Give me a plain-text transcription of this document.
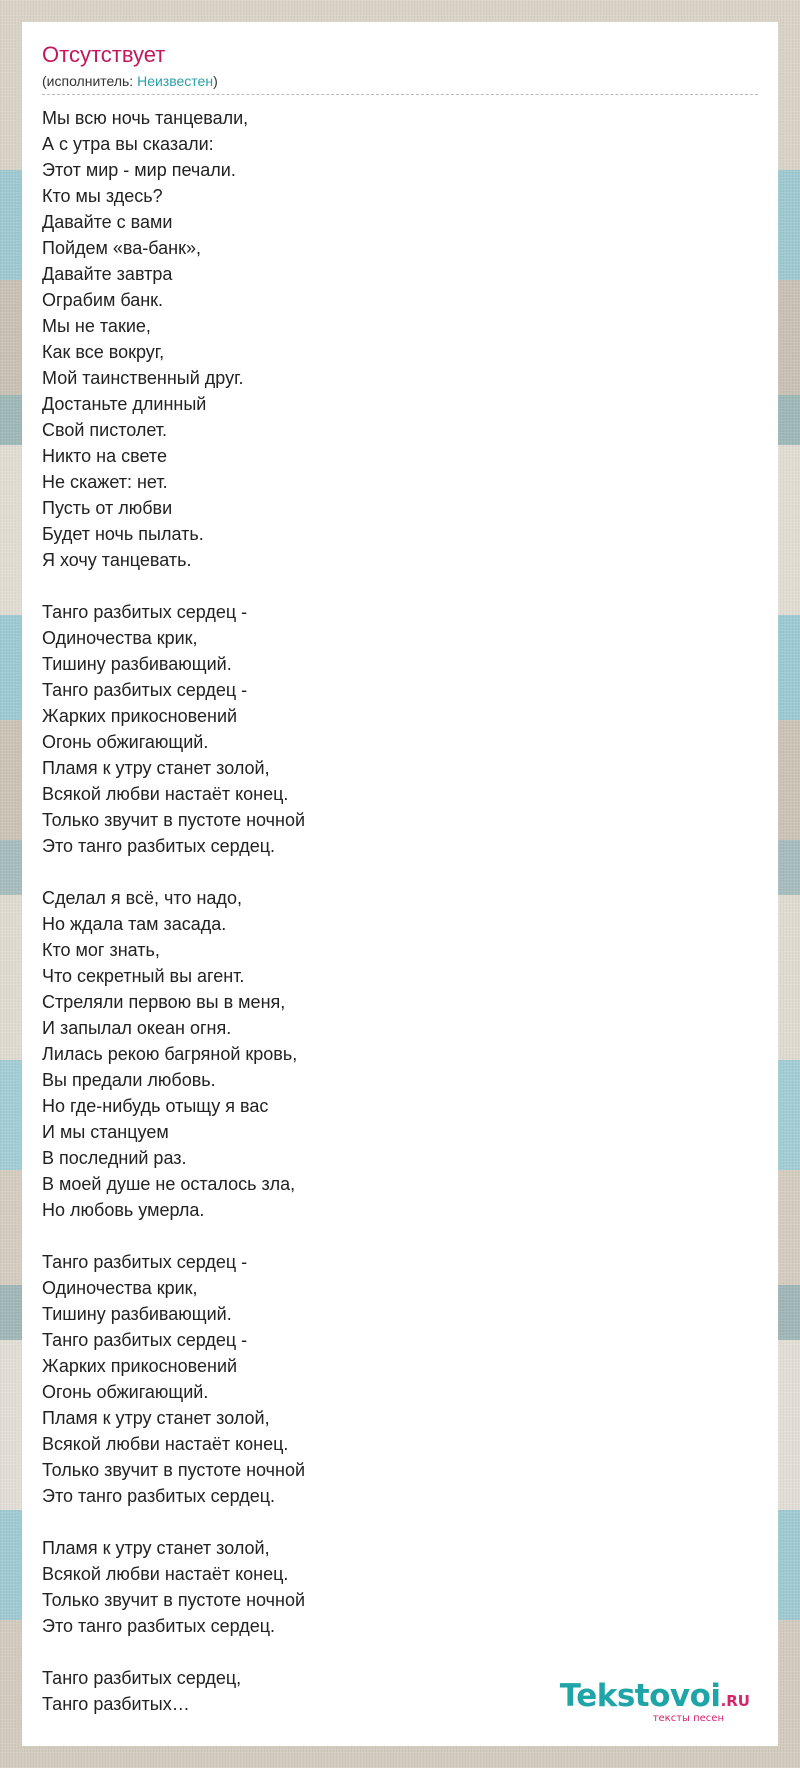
Отсутствует
(исполнитель: Неизвестен)
Мы всю ночь танцевали,
А с утра вы сказали:
Этот мир - мир печали.
Кто мы здесь?
Давайте с вами
Пойдем «ва-банк»,
Давайте завтра
Ограбим банк.
Мы не такие,
Как все вокруг,
Мой таинственный друг.
Достаньте длинный
Свой пистолет.
Никто на свете
Не скажет: нет.
Пусть от любви
Будет ночь пылать.
Я хочу танцевать.
Танго разбитых сердец -
Одиночества крик,
Тишину разбивающий.
Танго разбитых сердец -
Жарких прикосновений
Огонь обжигающий.
Пламя к утру станет золой,
Всякой любви настаёт конец.
Только звучит в пустоте ночной
Это танго разбитых сердец.
Сделал я всё, что надо,
Но ждала там засада.
Кто мог знать,
Что секретный вы агент.
Стреляли первою вы в меня,
И запылал океан огня.
Лилась рекою багряной кровь,
Вы предали любовь.
Но где-нибудь отыщу я вас
И мы станцуем
В последний раз.
В моей душе не осталось зла,
Но любовь умерла.
Танго разбитых сердец -
Одиночества крик,
Тишину разбивающий.
Танго разбитых сердец -
Жарких прикосновений
Огонь обжигающий.
Пламя к утру станет золой,
Всякой любви настаёт конец.
Только звучит в пустоте ночной
Это танго разбитых сердец.
Пламя к утру станет золой,
Всякой любви настаёт конец.
Только звучит в пустоте ночной
Это танго разбитых сердец.
Танго разбитых сердец,
Танго разбитых…	Tekstovoi.RU
тексты песен
